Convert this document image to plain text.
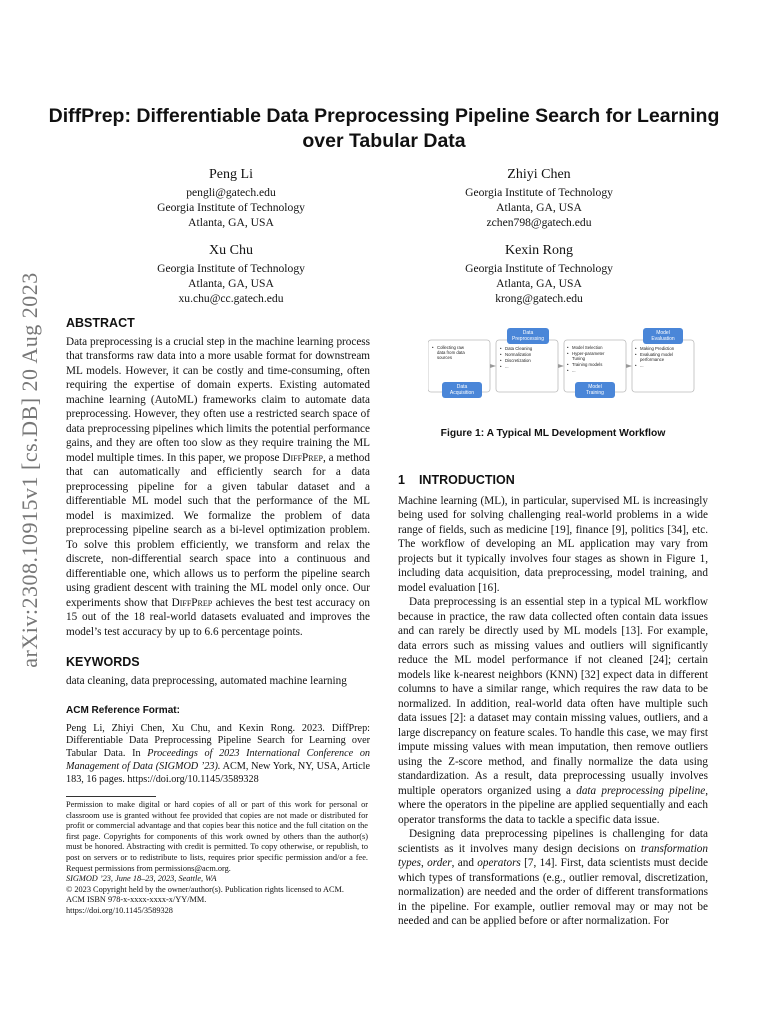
arXiv:2308.10915v1 [cs.DB] 20 Aug 2023
DiffPrep: Differentiable Data Preprocessing Pipeline Search for Learning over Tabular Data
Peng Li
pengli@gatech.edu
Georgia Institute of Technology
Atlanta, GA, USA
Zhiyi Chen
Georgia Institute of Technology
Atlanta, GA, USA
zchen798@gatech.edu
Xu Chu
Georgia Institute of Technology
Atlanta, GA, USA
xu.chu@cc.gatech.edu
Kexin Rong
Georgia Institute of Technology
Atlanta, GA, USA
krong@gatech.edu
ABSTRACT

Data preprocessing is a crucial step in the machine learning process that transforms raw data into a more usable format for downstream ML models. However, it can be costly and time-consuming, often requiring the expertise of domain experts. Existing automated machine learning (AutoML) frameworks claim to automate data preprocessing. However, they often use a restricted search space of data preprocessing pipelines which limits the potential performance gains, and they are often too slow as they require training the ML model multiple times. In this paper, we propose DiffPrep, a method that can automatically and efficiently search for a data preprocessing pipeline for a given tabular dataset and a differentiable ML model such that the performance of the ML model is maximized. We formalize the problem of data preprocessing pipeline search as a bi-level optimization problem. To solve this problem efficiently, we transform and relax the discrete, non-differential search space into a continuous and differentiable one, which allows us to perform the pipeline search using gradient descent with training the ML model only once. Our experiments show that DiffPrep achieves the best test accuracy on 15 out of the 18 real-world datasets evaluated and improves the model’s test accuracy by up to 6.6 percentage points.

KEYWORDS

data cleaning, data preprocessing, automated machine learning

ACM Reference Format:

Peng Li, Zhiyi Chen, Xu Chu, and Kexin Rong. 2023. DiffPrep: Differentiable Data Preprocessing Pipeline Search for Learning over Tabular Data. In Proceedings of 2023 International Conference on Management of Data (SIGMOD ’23). ACM, New York, NY, USA, Article 183, 16 pages. https://doi.org/10.1145/3589328

Permission to make digital or hard copies of all or part of this work for personal or classroom use is granted without fee provided that copies are not made or distributed for profit or commercial advantage and that copies bear this notice and the full citation on the first page. Copyrights for components of this work owned by others than the author(s) must be honored. Abstracting with credit is permitted. To copy otherwise, or republish, to post on servers or to redistribute to lists, requires prior specific permission and/or a fee. Request permissions from permissions@acm.org.

SIGMOD ’23, June 18–23, 2023, Seattle, WA

© 2023 Copyright held by the owner/author(s). Publication rights licensed to ACM.

ACM ISBN 978-x-xxxx-xxxx-x/YY/MM.

https://doi.org/10.1145/3589328

Data Acquisition
Data Preprocessing
Model Training
Model Evaluation
• Collecting raw
data from data
sources
• Data Cleaning
• Normalization
• Discretization
• ...
• Model Selection
• Hyper-parameter
Tuning
• Training models
• ...
• Making Prediction
• Evaluating model
performance
• ...
Figure 1: A Typical ML Development Workflow
1 INTRODUCTION

Machine learning (ML), in particular, supervised ML is increasingly being used for solving challenging real-world problems in a wide range of fields, such as medicine [19], finance [9], politics [34], etc. The workflow of developing an ML application may vary from projects but it typically involves four stages as shown in Figure 1, including data acquisition, data preprocessing, model training, and model evaluation [16].

Data preprocessing is an essential step in a typical ML workflow because in practice, the raw data collected often contain data issues and can rarely be directly used by ML models [13]. For example, data errors such as missing values and outliers will significantly reduce the ML model performance if not cleaned [24]; certain models like k-nearest neighbors (KNN) [32] expect data in different columns to have a similar range, which requires the raw data to be normalized. In addition, real-world data often have multiple such data issues [2]: a dataset may contain missing values, outliers, and a large discrepancy on feature scales. To handle this case, we may first impute missing values with mean imputation, then remove outliers using the Z-score method, and finally normalize the data using standardization. As a result, data preprocessing usually involves multiple operators organized using a data preprocessing pipeline, where the operators in the pipeline are applied sequentially and each operator transforms the data to tackle a specific data issue.

Designing data preprocessing pipelines is challenging for data scientists as it involves many design decisions on transformation types, order, and operators [7, 14]. First, data scientists must decide which types of transformations (e.g., outlier removal, discretization, normalization) are needed and the order of different transformations in the pipeline. For example, outlier removal may or may not be needed and can be applied before or after normalization. For
